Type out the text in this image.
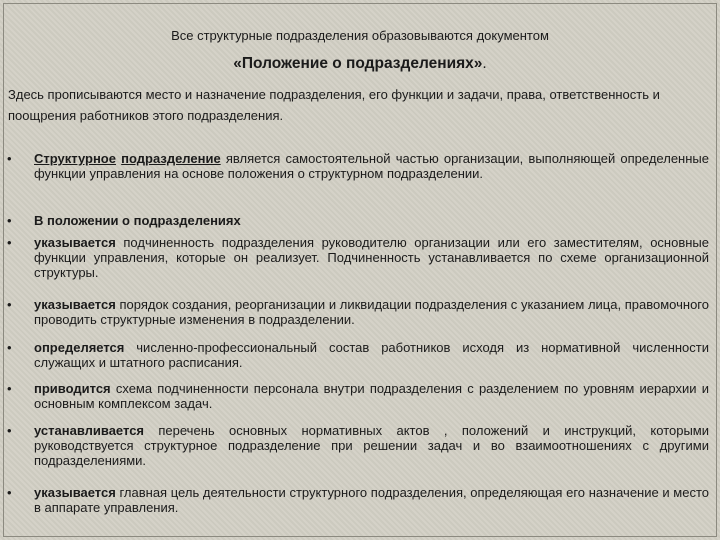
Все структурные подразделения образовываются документом
«Положение о подразделениях».
Здесь прописываются место и назначение подразделения, его функции и задачи, права, ответственность и поощрения работников этого подразделения.
• Структурное подразделение является самостоятельной частью организации, выполняющей определенные функции управления на основе положения о структурном подразделении.
• В положении о подразделениях
• указывается подчиненность подразделения руководителю организации или его заместителям, основные функции управления, которые он реализует. Подчиненность устанавливается по схеме организационной структуры.
• указывается порядок создания, реорганизации и ликвидации подразделения с указанием лица, правомочного проводить структурные изменения в подразделении.
• определяется численно-профессиональный состав работников исходя из нормативной численности служащих и штатного расписания.
• приводится схема подчиненности персонала внутри подразделения с разделением по уровням иерархии и основным комплексом задач.
• устанавливается перечень основных нормативных актов , положений и инструкций, которыми руководствуется структурное подразделение при решении задач и во взаимоотношениях с другими подразделениями.
• указывается главная цель деятельности структурного подразделения, определяющая его назначение и место в аппарате управления.
